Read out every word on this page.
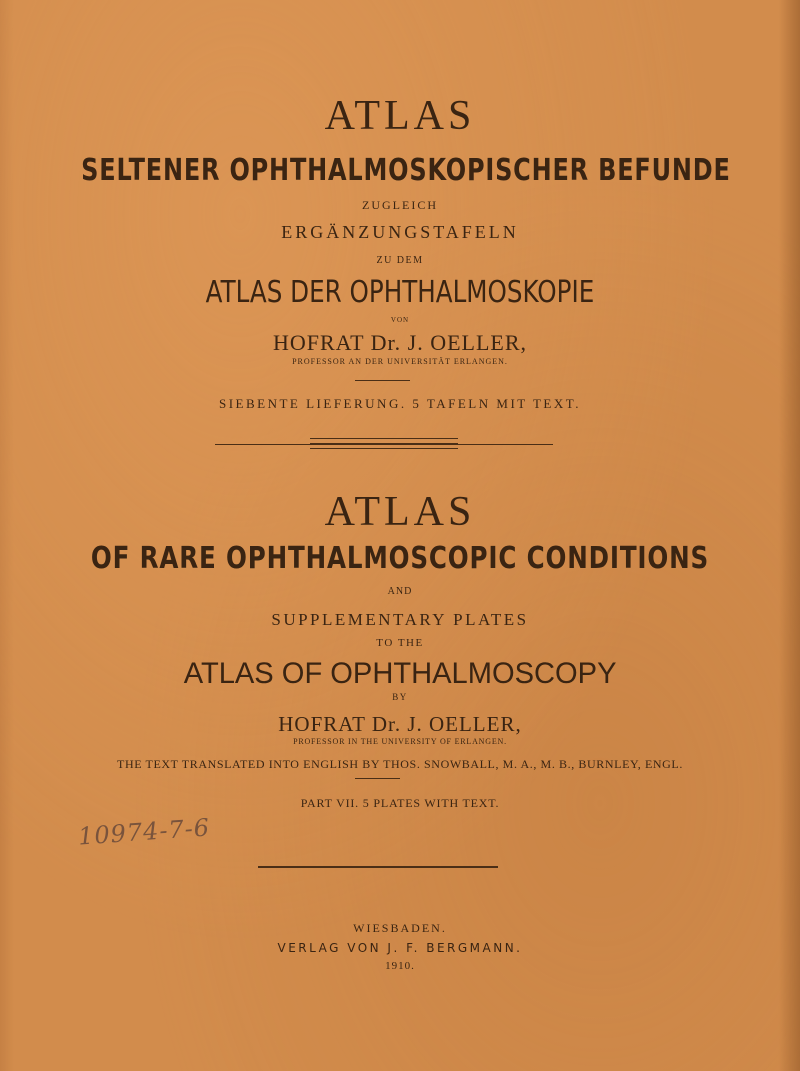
ATLAS
SELTENER OPHTHALMOSKOPISCHER BEFUNDE
ZUGLEICH
ERGÄNZUNGSTAFELN
ZU DEM
ATLAS DER OPHTHALMOSKOPIE
VON
HOFRAT Dr. J. OELLER,
PROFESSOR AN DER UNIVERSITÄT ERLANGEN.
SIEBENTE LIEFERUNG. 5 TAFELN MIT TEXT.
ATLAS
OF RARE OPHTHALMOSCOPIC CONDITIONS
AND
SUPPLEMENTARY PLATES
TO THE
ATLAS OF OPHTHALMOSCOPY
BY
HOFRAT Dr. J. OELLER,
PROFESSOR IN THE UNIVERSITY OF ERLANGEN.
THE TEXT TRANSLATED INTO ENGLISH BY THOS. SNOWBALL, M. A., M. B., BURNLEY, ENGL.
PART VII. 5 PLATES WITH TEXT.
10974-7-6
WIESBADEN.
VERLAG VON J. F. BERGMANN.
1910.
